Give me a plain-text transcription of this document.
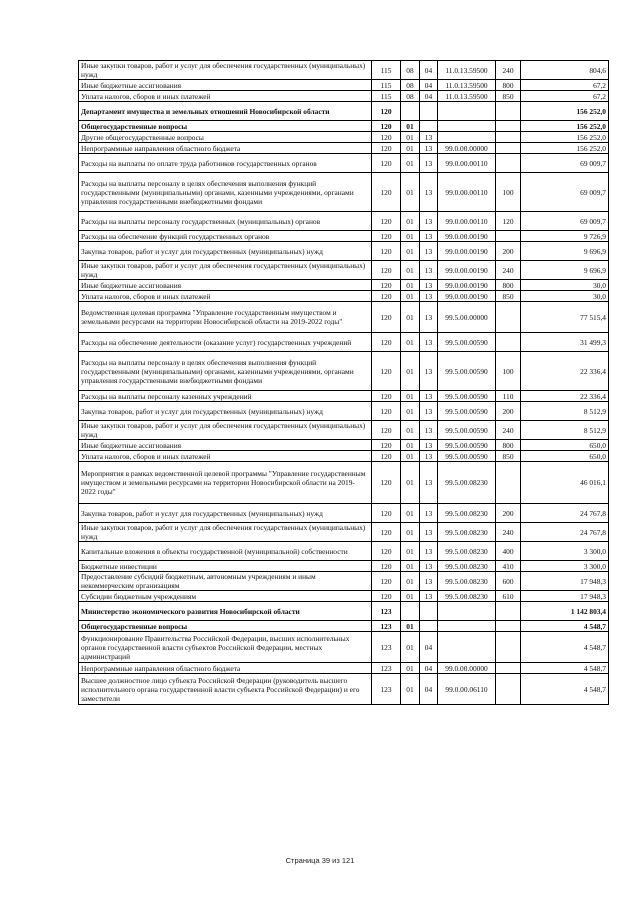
Иные закупки товаров, работ и услуг для обеспечения государственных (муниципальных) нужд	115	08	04	11.0.13.59500	240	804,6
Иные бюджетные ассигнования	115	08	04	11.0.13.59500	800	67,2
Уплата налогов, сборов и иных платежей	115	08	04	11.0.13.59500	850	67,2
Департамент имущества и земельных отношений Новосибирской области	120					156 252,0
Общегосударственные вопросы	120	01				156 252,0
Другие общегосударственные вопросы	120	01	13			156 252,0
Непрограммные направления областного бюджета	120	01	13	99.0.00.00000		156 252,0
Расходы на выплаты по оплате труда работников государственных органов	120	01	13	99.0.00.00110		69 009,7
Расходы на выплаты персоналу в целях обеспечения выполнения функций государственными (муниципальными) органами, казенными учреждениями, органами управления государственными внебюджетными фондами	120	01	13	99.0.00.00110	100	69 009,7
Расходы на выплаты персоналу государственных (муниципальных) органов	120	01	13	99.0.00.00110	120	69 009,7
Расходы на обеспечение функций государственных органов	120	01	13	99.0.00.00190		9 726,9
Закупка товаров, работ и услуг для государственных (муниципальных) нужд	120	01	13	99.0.00.00190	200	9 696,9
Иные закупки товаров, работ и услуг для обеспечения государственных (муниципальных) нужд	120	01	13	99.0.00.00190	240	9 696,9
Иные бюджетные ассигнования	120	01	13	99.0.00.00190	800	30,0
Уплата налогов, сборов и иных платежей	120	01	13	99.0.00.00190	850	30,0
Ведомственная целевая программа "Управление государственным имуществом и земельными ресурсами на территории Новосибирской области на 2019-2022 годы"	120	01	13	99.5.00.00000		77 515,4
Расходы на обеспечение деятельности (оказание услуг) государственных учреждений	120	01	13	99.5.00.00590		31 499,3
Расходы на выплаты персоналу в целях обеспечения выполнения функций государственными (муниципальными) органами, казенными учреждениями, органами управления государственными внебюджетными фондами	120	01	13	99.5.00.00590	100	22 336,4
Расходы на выплаты персоналу казенных учреждений	120	01	13	99.5.00.00590	110	22 336,4
Закупка товаров, работ и услуг для государственных (муниципальных) нужд	120	01	13	99.5.00.00590	200	8 512,9
Иные закупки товаров, работ и услуг для обеспечения государственных (муниципальных) нужд	120	01	13	99.5.00.00590	240	8 512,9
Иные бюджетные ассигнования	120	01	13	99.5.00.00590	800	650,0
Уплата налогов, сборов и иных платежей	120	01	13	99.5.00.00590	850	650,0
Мероприятия в рамках ведомственной целевой программы "Управление государственным имуществом и земельными ресурсами на территории Новосибирской области на 2019-2022 годы"	120	01	13	99.5.00.08230		46 016,1
Закупка товаров, работ и услуг для государственных (муниципальных) нужд	120	01	13	99.5.00.08230	200	24 767,8
Иные закупки товаров, работ и услуг для обеспечения государственных (муниципальных) нужд	120	01	13	99.5.00.08230	240	24 767,8
Капитальные вложения в объекты государственной (муниципальной) собственности	120	01	13	99.5.00.08230	400	3 300,0
Бюджетные инвестиции	120	01	13	99.5.00.08230	410	3 300,0
Предоставление субсидий бюджетным, автономным учреждениям и иным некоммерческим организациям	120	01	13	99.5.00.08230	600	17 948,3
Субсидии бюджетным учреждениям	120	01	13	99.5.00.08230	610	17 948,3
Министерство экономического развития Новосибирской области	123					1 142 803,4
Общегосударственные вопросы	123	01				4 548,7
Функционирование Правительства Российской Федерации, высших исполнительных органов государственной власти субъектов Российской Федерации, местных администраций	123	01	04			4 548,7
Непрограммные направления областного бюджета	123	01	04	99.0.00.00000		4 548,7
Высшее должностное лицо субъекта Российской Федерации (руководитель высшего исполнительного органа государственной власти субъекта Российской Федерации) и его заместители	123	01	04	99.0.00.06110		4 548,7
Страница 39 из 121
